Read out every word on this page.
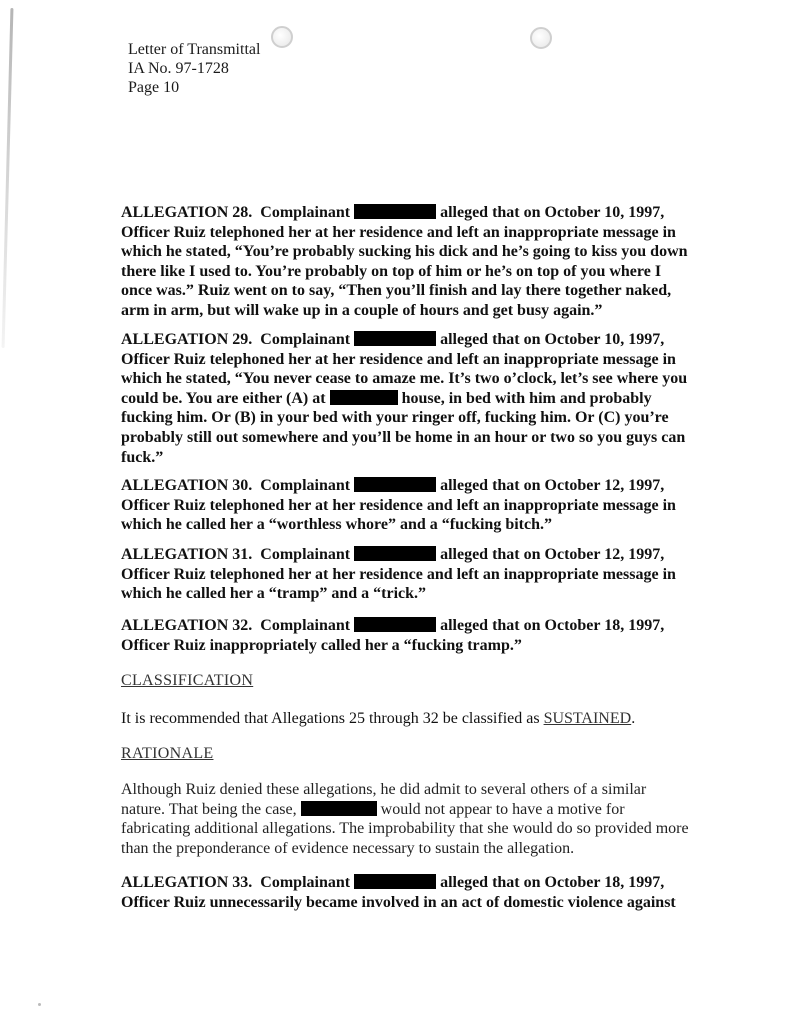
Letter of Transmittal
IA No. 97-1728
Page 10
ALLEGATION 28. Complainant	alleged that on October 10, 1997, Officer Ruiz telephoned her at her residence and left an inappropriate message in which he stated, “You’re probably sucking his dick and he’s going to kiss you down there like I used to. You’re probably on top of him or he’s on top of you where I once was.” Ruiz went on to say, “Then you’ll finish and lay there together naked, arm in arm, but will wake up in a couple of hours and get busy again.”
ALLEGATION 29. Complainant	alleged that on October 10, 1997, Officer Ruiz telephoned her at her residence and left an inappropriate message in which he stated, “You never cease to amaze me. It’s two o’clock, let’s see where you could be. You are either (A) at	house, in bed with him and probably fucking him. Or (B) in your bed with your ringer off, fucking him. Or (C) you’re probably still out somewhere and you’ll be home in an hour or two so you guys can fuck.”
ALLEGATION 30. Complainant	alleged that on October 12, 1997, Officer Ruiz telephoned her at her residence and left an inappropriate message in which he called her a “worthless whore” and a “fucking bitch.”
ALLEGATION 31. Complainant	alleged that on October 12, 1997, Officer Ruiz telephoned her at her residence and left an inappropriate message in which he called her a “tramp” and a “trick.”
ALLEGATION 32. Complainant	alleged that on October 18, 1997, Officer Ruiz inappropriately called her a “fucking tramp.”
CLASSIFICATION
It is recommended that Allegations 25 through 32 be classified as SUSTAINED.
RATIONALE
Although Ruiz denied these allegations, he did admit to several others of a similar nature. That being the case,	would not appear to have a motive for fabricating additional allegations. The improbability that she would do so provided more than the preponderance of evidence necessary to sustain the allegation.
ALLEGATION 33. Complainant	alleged that on October 18, 1997, Officer Ruiz unnecessarily became involved in an act of domestic violence against
